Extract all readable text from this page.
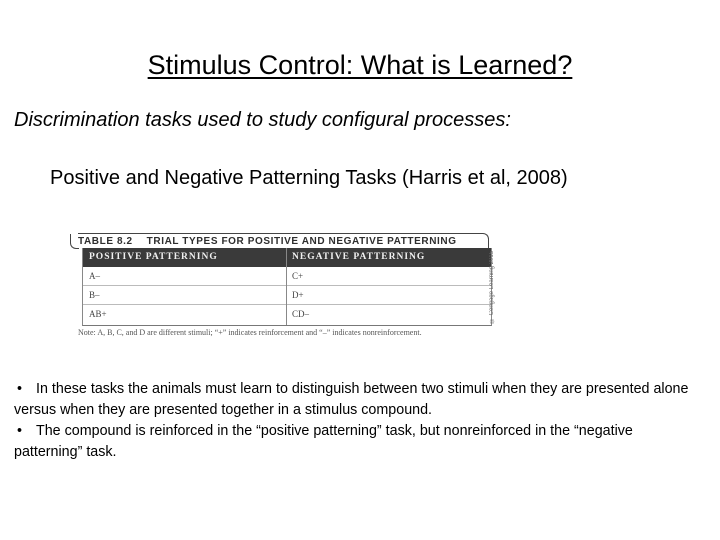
Stimulus Control: What is Learned?
Discrimination tasks used to study configural processes:
Positive and Negative Patterning Tasks (Harris et al, 2008)
TABLE 8.2 TRIAL TYPES FOR POSITIVE AND NEGATIVE PATTERNING
POSITIVE PATTERNING	NEGATIVE PATTERNING
A–	C+
B–	D+
AB+	CD–	© Cengage Learning 2015
Note: A, B, C, and D are different stimuli; “+” indicates reinforcement and “–” indicates nonreinforcement.

• In these tasks the animals must learn to distinguish between two stimuli when they are presented alone versus when they are presented together in a stimulus compound.

• The compound is reinforced in the “positive patterning” task, but nonreinforced in the “negative patterning” task.
